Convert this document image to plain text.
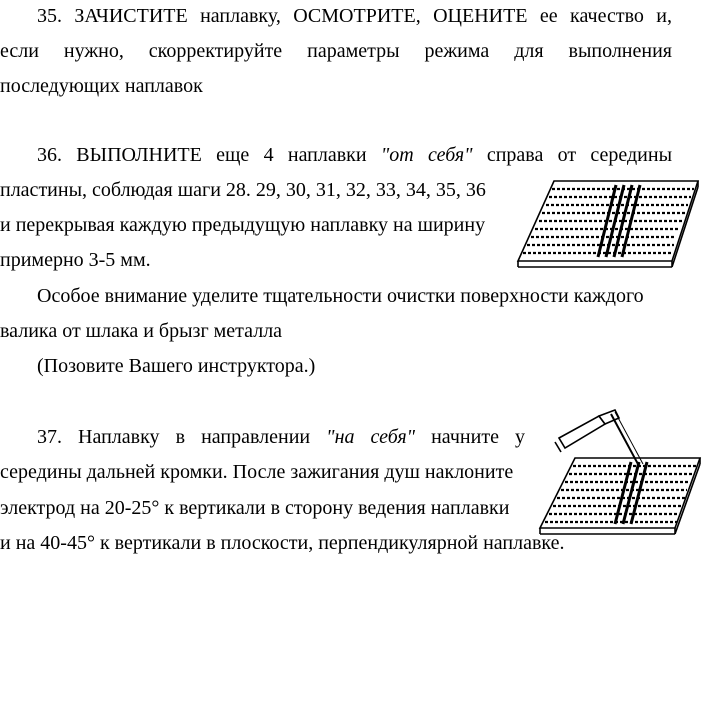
35. ЗАЧИСТИТЕ наплавку, ОСМОТРИТЕ, ОЦЕНИТЕ ее качество и,

если нужно, скорректируйте параметры режима для выполнения

последующих наплавок

36. ВЫПОЛНИТЕ еще 4 наплавки "от себя" справа от середины

пластины, соблюдая шаги 28. 29, 30, 31, 32, 33, 34, 35, 36

и перекрывая каждую предыдущую наплавку на ширину

примерно 3-5 мм.

Особое внимание уделите тщательности очистки поверхности каждого

валика от шлака и брызг металла

(Позовите Вашего инструктора.)

37. Наплавку в направлении "на себя" начните у

середины дальней кромки. После зажигания душ наклоните

электрод на 20-25° к вертикали в сторону ведения наплавки

и на 40-45° к вертикали в плоскости, перпендикулярной наплавке.
